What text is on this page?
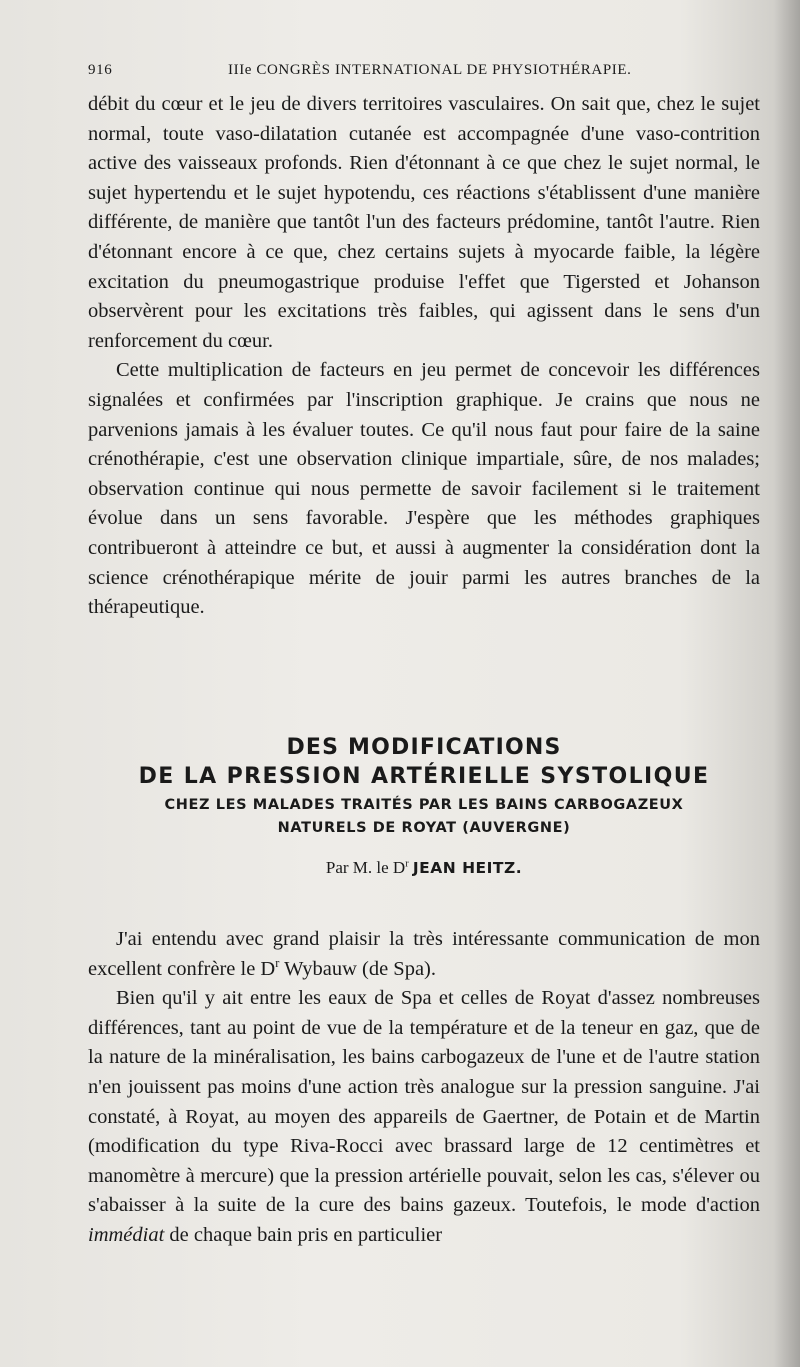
916	IIIe CONGRÈS INTERNATIONAL DE PHYSIOTHÉRAPIE.

débit du cœur et le jeu de divers territoires vasculaires. On sait que, chez le sujet normal, toute vaso-dilatation cutanée est accompagnée d'une vaso-contrition active des vaisseaux profonds. Rien d'étonnant à ce que chez le sujet normal, le sujet hypertendu et le sujet hypotendu, ces réactions s'établissent d'une manière différente, de manière que tantôt l'un des facteurs prédomine, tantôt l'autre. Rien d'étonnant encore à ce que, chez certains sujets à myocarde faible, la légère excitation du pneumogastrique produise l'effet que Tigersted et Johanson observèrent pour les excitations très faibles, qui agissent dans le sens d'un renforcement du cœur.

Cette multiplication de facteurs en jeu permet de concevoir les différences signalées et confirmées par l'inscription graphique. Je crains que nous ne parvenions jamais à les évaluer toutes. Ce qu'il nous faut pour faire de la saine crénothérapie, c'est une observation clinique impartiale, sûre, de nos malades; observation continue qui nous permette de savoir facilement si le traitement évolue dans un sens favorable. J'espère que les méthodes graphiques contribueront à atteindre ce but, et aussi à augmenter la considération dont la science crénothérapique mérite de jouir parmi les autres branches de la thérapeutique.

DES MODIFICATIONS
DE LA PRESSION ARTÉRIELLE SYSTOLIQUE
CHEZ LES MALADES TRAITÉS PAR LES BAINS CARBOGAZEUX
NATURELS DE ROYAT (AUVERGNE)
Par M. le $D^r$ JEAN HEITZ.

J'ai entendu avec grand plaisir la très intéressante communication de mon excellent confrère le $D^r$ Wybauw (de Spa).

Bien qu'il y ait entre les eaux de Spa et celles de Royat d'assez nombreuses différences, tant au point de vue de la température et de la teneur en gaz, que de la nature de la minéralisation, les bains carbogazeux de l'une et de l'autre station n'en jouissent pas moins d'une action très analogue sur la pression sanguine. J'ai constaté, à Royat, au moyen des appareils de Gaertner, de Potain et de Martin (modification du type Riva-Rocci avec brassard large de 12 centimètres et manomètre à mercure) que la pression artérielle pouvait, selon les cas, s'élever ou s'abaisser à la suite de la cure des bains gazeux. Toutefois, le mode d'action immédiat de chaque bain pris en particulier
